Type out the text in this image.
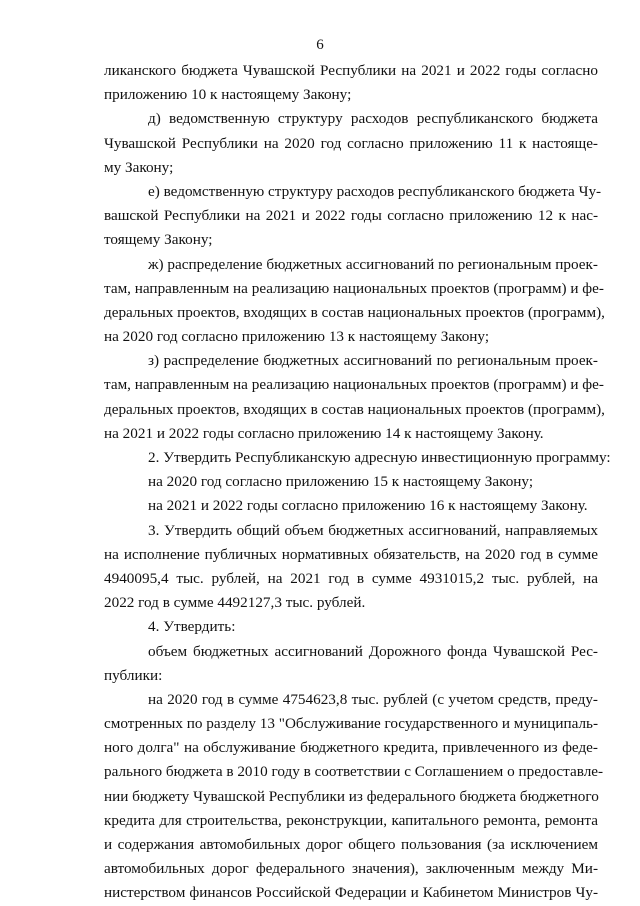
6
ликанского бюджета Чувашской Республики на 2021 и 2022 годы согласно
приложению 10 к настоящему Закону;
д) ведомственную структуру расходов республиканского бюджета
Чувашской Республики на 2020 год согласно приложению 11 к настояще-
му Закону;
е) ведомственную структуру расходов республиканского бюджета Чу-
вашской Республики на 2021 и 2022 годы согласно приложению 12 к нас-
тоящему Закону;
ж) распределение бюджетных ассигнований по региональным проек-
там, направленным на реализацию национальных проектов (программ) и фе-
деральных проектов, входящих в состав национальных проектов (программ),
на 2020 год согласно приложению 13 к настоящему Закону;
з) распределение бюджетных ассигнований по региональным проек-
там, направленным на реализацию национальных проектов (программ) и фе-
деральных проектов, входящих в состав национальных проектов (программ),
на 2021 и 2022 годы согласно приложению 14 к настоящему Закону.
2. Утвердить Республиканскую адресную инвестиционную программу:
на 2020 год согласно приложению 15 к настоящему Закону;
на 2021 и 2022 годы согласно приложению 16 к настоящему Закону.
3. Утвердить общий объем бюджетных ассигнований, направляемых
на исполнение публичных нормативных обязательств, на 2020 год в сумме
4940095,4 тыс. рублей, на 2021 год в сумме 4931015,2 тыс. рублей, на
2022 год в сумме 4492127,3 тыс. рублей.
4. Утвердить:
объем бюджетных ассигнований Дорожного фонда Чувашской Рес-
публики:
на 2020 год в сумме 4754623,8 тыс. рублей (с учетом средств, преду-
смотренных по разделу 13 "Обслуживание государственного и муниципаль-
ного долга" на обслуживание бюджетного кредита, привлеченного из феде-
рального бюджета в 2010 году в соответствии с Соглашением о предоставле-
нии бюджету Чувашской Республики из федерального бюджета бюджетного
кредита для строительства, реконструкции, капитального ремонта, ремонта
и содержания автомобильных дорог общего пользования (за исключением
автомобильных дорог федерального значения), заключенным между Ми-
нистерством финансов Российской Федерации и Кабинетом Министров Чу-
